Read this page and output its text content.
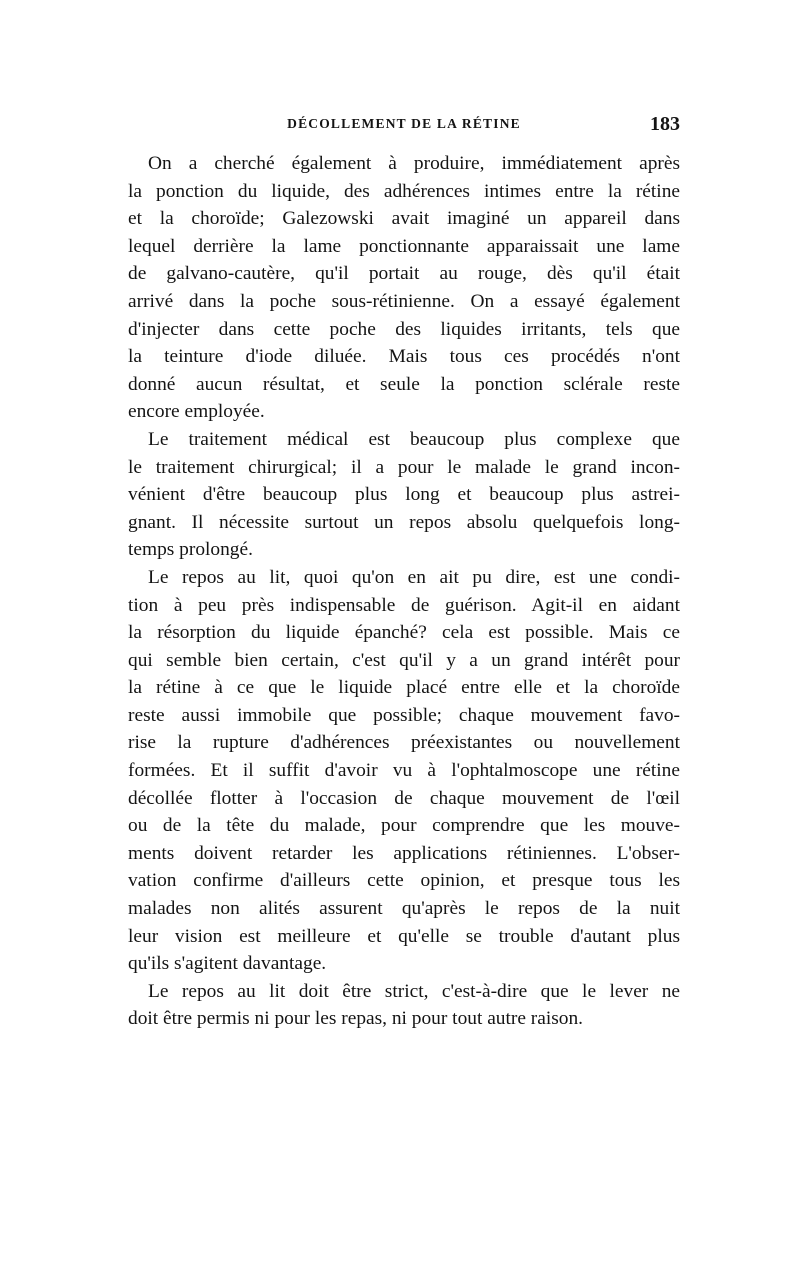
DÉCOLLEMENT DE LA RÉTINE	183
On a cherché également à produire, immédiatement après
la ponction du liquide, des adhérences intimes entre la rétine
et la choroïde; Galezowski avait imaginé un appareil dans
lequel derrière la lame ponctionnante apparaissait une lame
de galvano-cautère, qu'il portait au rouge, dès qu'il était
arrivé dans la poche sous-rétinienne. On a essayé également
d'injecter dans cette poche des liquides irritants, tels que
la teinture d'iode diluée. Mais tous ces procédés n'ont
donné aucun résultat, et seule la ponction sclérale reste
encore employée.
Le traitement médical est beaucoup plus complexe que
le traitement chirurgical; il a pour le malade le grand incon-
vénient d'être beaucoup plus long et beaucoup plus astrei-
gnant. Il nécessite surtout un repos absolu quelquefois long-
temps prolongé.
Le repos au lit, quoi qu'on en ait pu dire, est une condi-
tion à peu près indispensable de guérison. Agit-il en aidant
la résorption du liquide épanché? cela est possible. Mais ce
qui semble bien certain, c'est qu'il y a un grand intérêt pour
la rétine à ce que le liquide placé entre elle et la choroïde
reste aussi immobile que possible; chaque mouvement favo-
rise la rupture d'adhérences préexistantes ou nouvellement
formées. Et il suffit d'avoir vu à l'ophtalmoscope une rétine
décollée flotter à l'occasion de chaque mouvement de l'œil
ou de la tête du malade, pour comprendre que les mouve-
ments doivent retarder les applications rétiniennes. L'obser-
vation confirme d'ailleurs cette opinion, et presque tous les
malades non alités assurent qu'après le repos de la nuit
leur vision est meilleure et qu'elle se trouble d'autant plus
qu'ils s'agitent davantage.
Le repos au lit doit être strict, c'est-à-dire que le lever ne
doit être permis ni pour les repas, ni pour tout autre raison.
